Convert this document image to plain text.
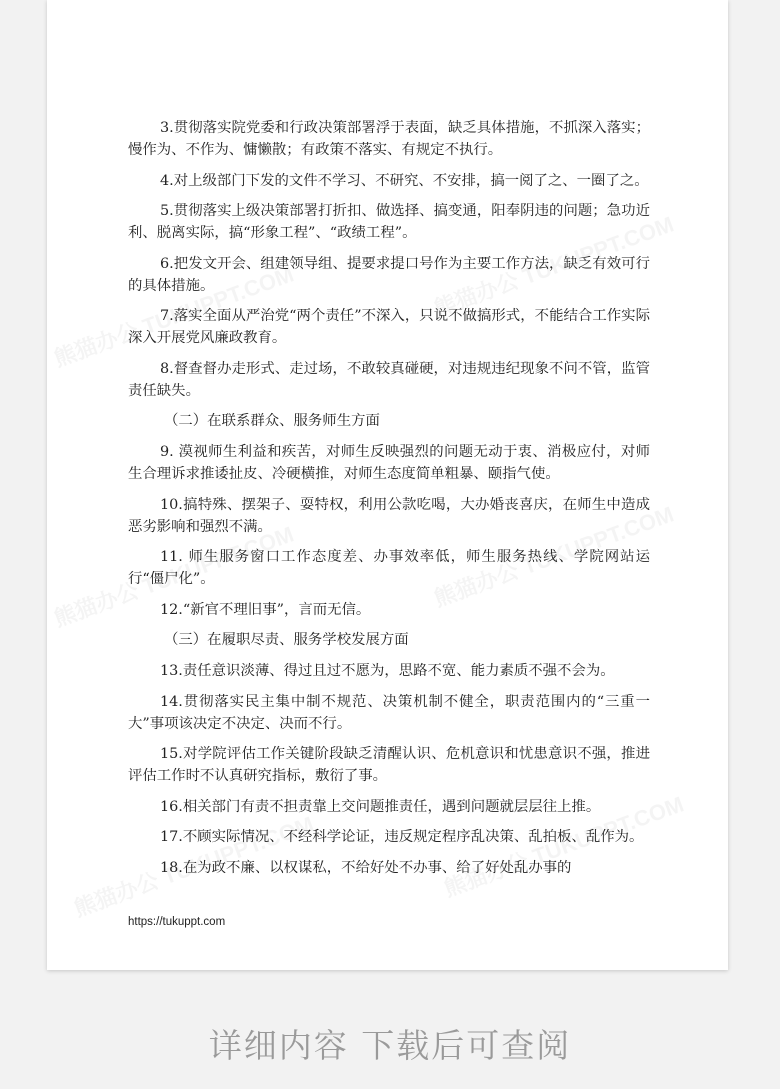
3.贯彻落实院党委和行政决策部署浮于表面，缺乏具体措施，不抓深入落实；慢作为、不作为、慵懒散；有政策不落实、有规定不执行。

4.对上级部门下发的文件不学习、不研究、不安排，搞一阅了之、一圈了之。

5.贯彻落实上级决策部署打折扣、做选择、搞变通，阳奉阴违的问题；急功近利、脱离实际，搞“形象工程”、“政绩工程”。

6.把发文开会、组建领导组、提要求提口号作为主要工作方法，缺乏有效可行的具体措施。

7.落实全面从严治党“两个责任”不深入，只说不做搞形式，不能结合工作实际深入开展党风廉政教育。

8.督查督办走形式、走过场，不敢较真碰硬，对违规违纪现象不问不管，监管责任缺失。

（二）在联系群众、服务师生方面

9. 漠视师生利益和疾苦，对师生反映强烈的问题无动于衷、消极应付，对师生合理诉求推诿扯皮、冷硬横推，对师生态度简单粗暴、颐指气使。

10.搞特殊、摆架子、耍特权，利用公款吃喝，大办婚丧喜庆，在师生中造成恶劣影响和强烈不满。

11. 师生服务窗口工作态度差、办事效率低，师生服务热线、学院网站运行“僵尸化”。

12.“新官不理旧事”，言而无信。

（三）在履职尽责、服务学校发展方面

13.责任意识淡薄、得过且过不愿为，思路不宽、能力素质不强不会为。

14.贯彻落实民主集中制不规范、决策机制不健全，职责范围内的“三重一大”事项该决定不决定、决而不行。

15.对学院评估工作关键阶段缺乏清醒认识、危机意识和忧患意识不强，推进评估工作时不认真研究指标，敷衍了事。

16.相关部门有责不担责靠上交问题推责任，遇到问题就层层往上推。

17.不顾实际情况、不经科学论证，违反规定程序乱决策、乱拍板、乱作为。

18.在为政不廉、以权谋私，不给好处不办事、给了好处乱办事的

https://tukuppt.com
详细内容 下载后可查阅
